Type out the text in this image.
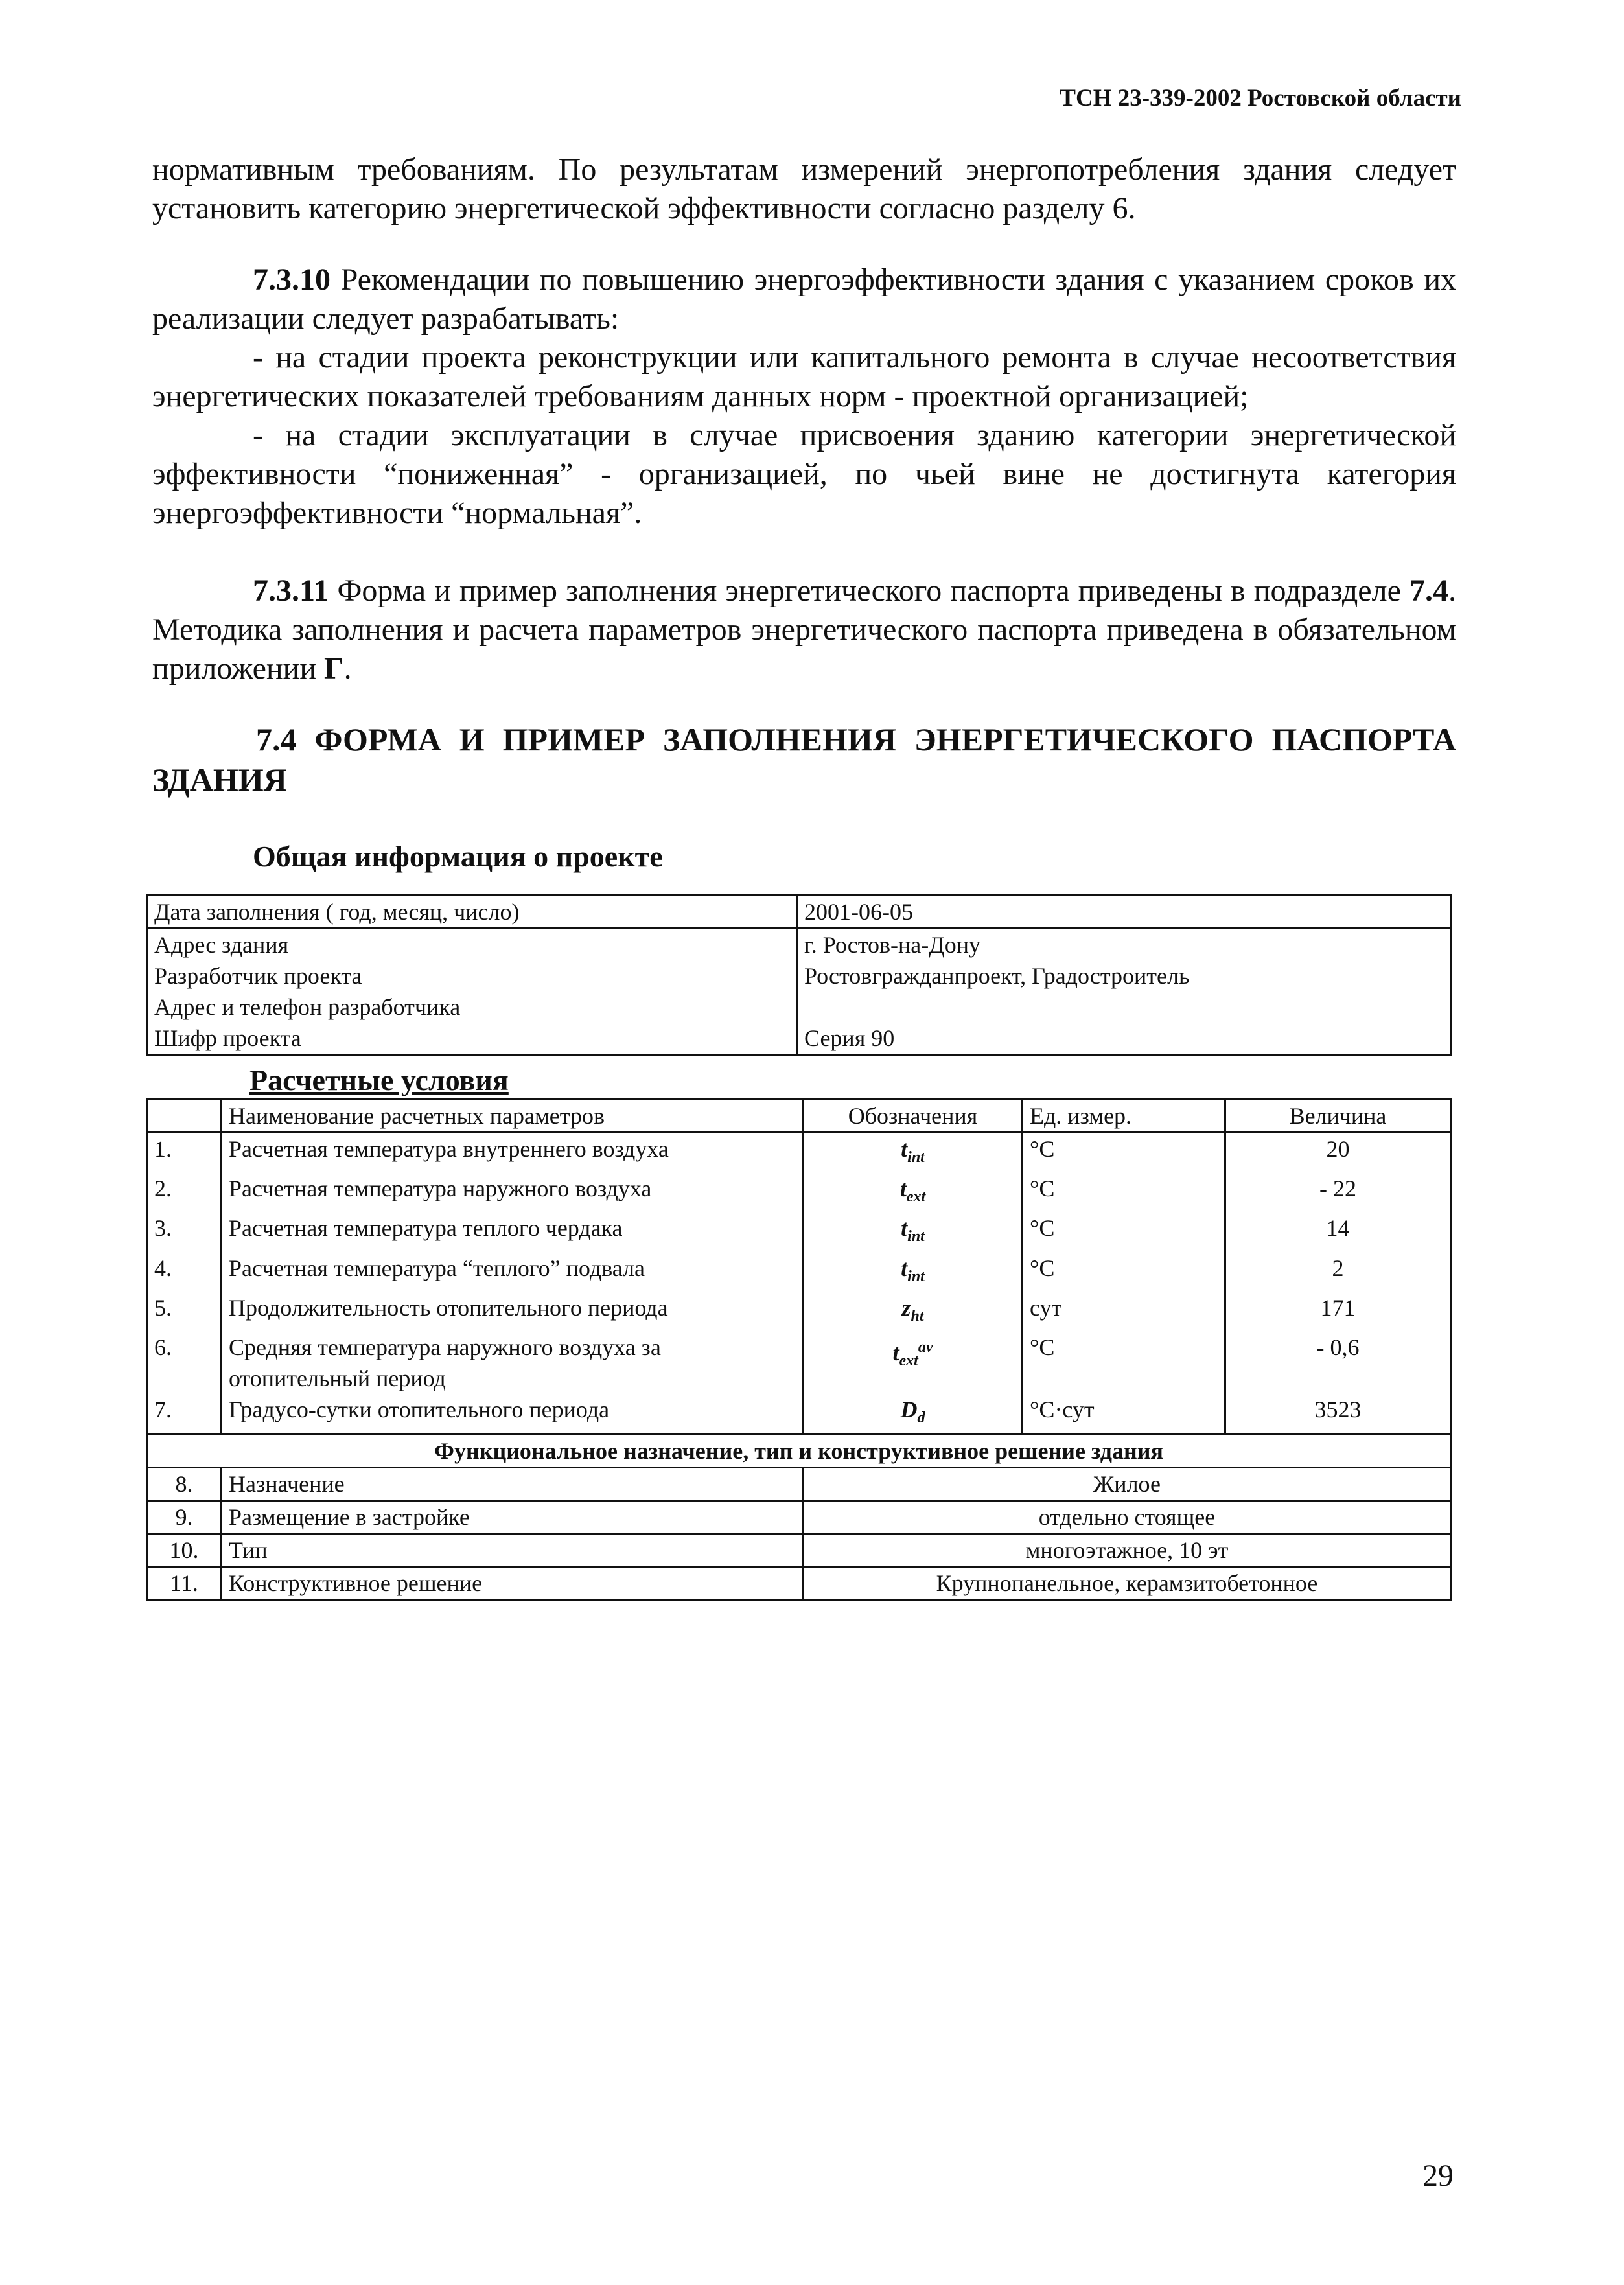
ТСН 23-339-2002 Ростовской области

нормативным требованиям. По результатам измерений энергопотребления здания следует установить категорию энергетической эффективности согласно разделу 6.

7.3.10 Рекомендации по повышению энергоэффективности здания с указанием сроков их реализации следует разрабатывать:

- на стадии проекта реконструкции или капитального ремонта в случае несоответствия энергетических показателей требованиям данных норм - проектной организацией;

- на стадии эксплуатации в случае присвоения зданию категории энергетической эффективности “пониженная” - организацией, по чьей вине не достигнута категория энергоэффективности “нормальная”.

7.3.11 Форма и пример заполнения энергетического паспорта приведены в подразделе 7.4. Методика заполнения и расчета параметров энергетического паспорта приведена в обязательном приложении Г.

7.4 ФОРМА И ПРИМЕР ЗАПОЛНЕНИЯ ЭНЕРГЕТИЧЕСКОГО ПАСПОРТА ЗДАНИЯ
Общая информация о проекте
Дата заполнения ( год, месяц, число)	2001-06-05
Адрес здания	г. Ростов-на-Дону
Разработчик проекта	Ростовгражданпроект, Градостроитель
Адрес и телефон разработчика	
Шифр проекта	Серия 90
Расчетные условия
	Наименование расчетных параметров	Обозначения	Ед. измер.	Величина
1.	Расчетная температура внутреннего воздуха	$t_{int}$	°С	20
2.	Расчетная температура наружного воздуха	$t_{ext}$	°С	- 22
3.	Расчетная температура теплого чердака	$t_{int}$	°С	14
4.	Расчетная температура “теплого” подвала	$t_{int}$	°С	2
5.	Продолжительность отопительного периода	$z_{ht}$	сут	171
6.	Средняя температура наружного воздуха за отопительный период	$t_{ext}^{av}$	°С	- 0,6
7.	Градусо-сутки отопительного периода	$D_d$	°С·сут	3523
Функциональное назначение, тип и конструктивное решение здания				
8.	Назначение	Жилое		
9.	Размещение в застройке	отдельно стоящее		
10.	Тип	многоэтажное, 10 эт		
11.	Конструктивное решение	Крупнопанельное, керамзитобетонное		
29
